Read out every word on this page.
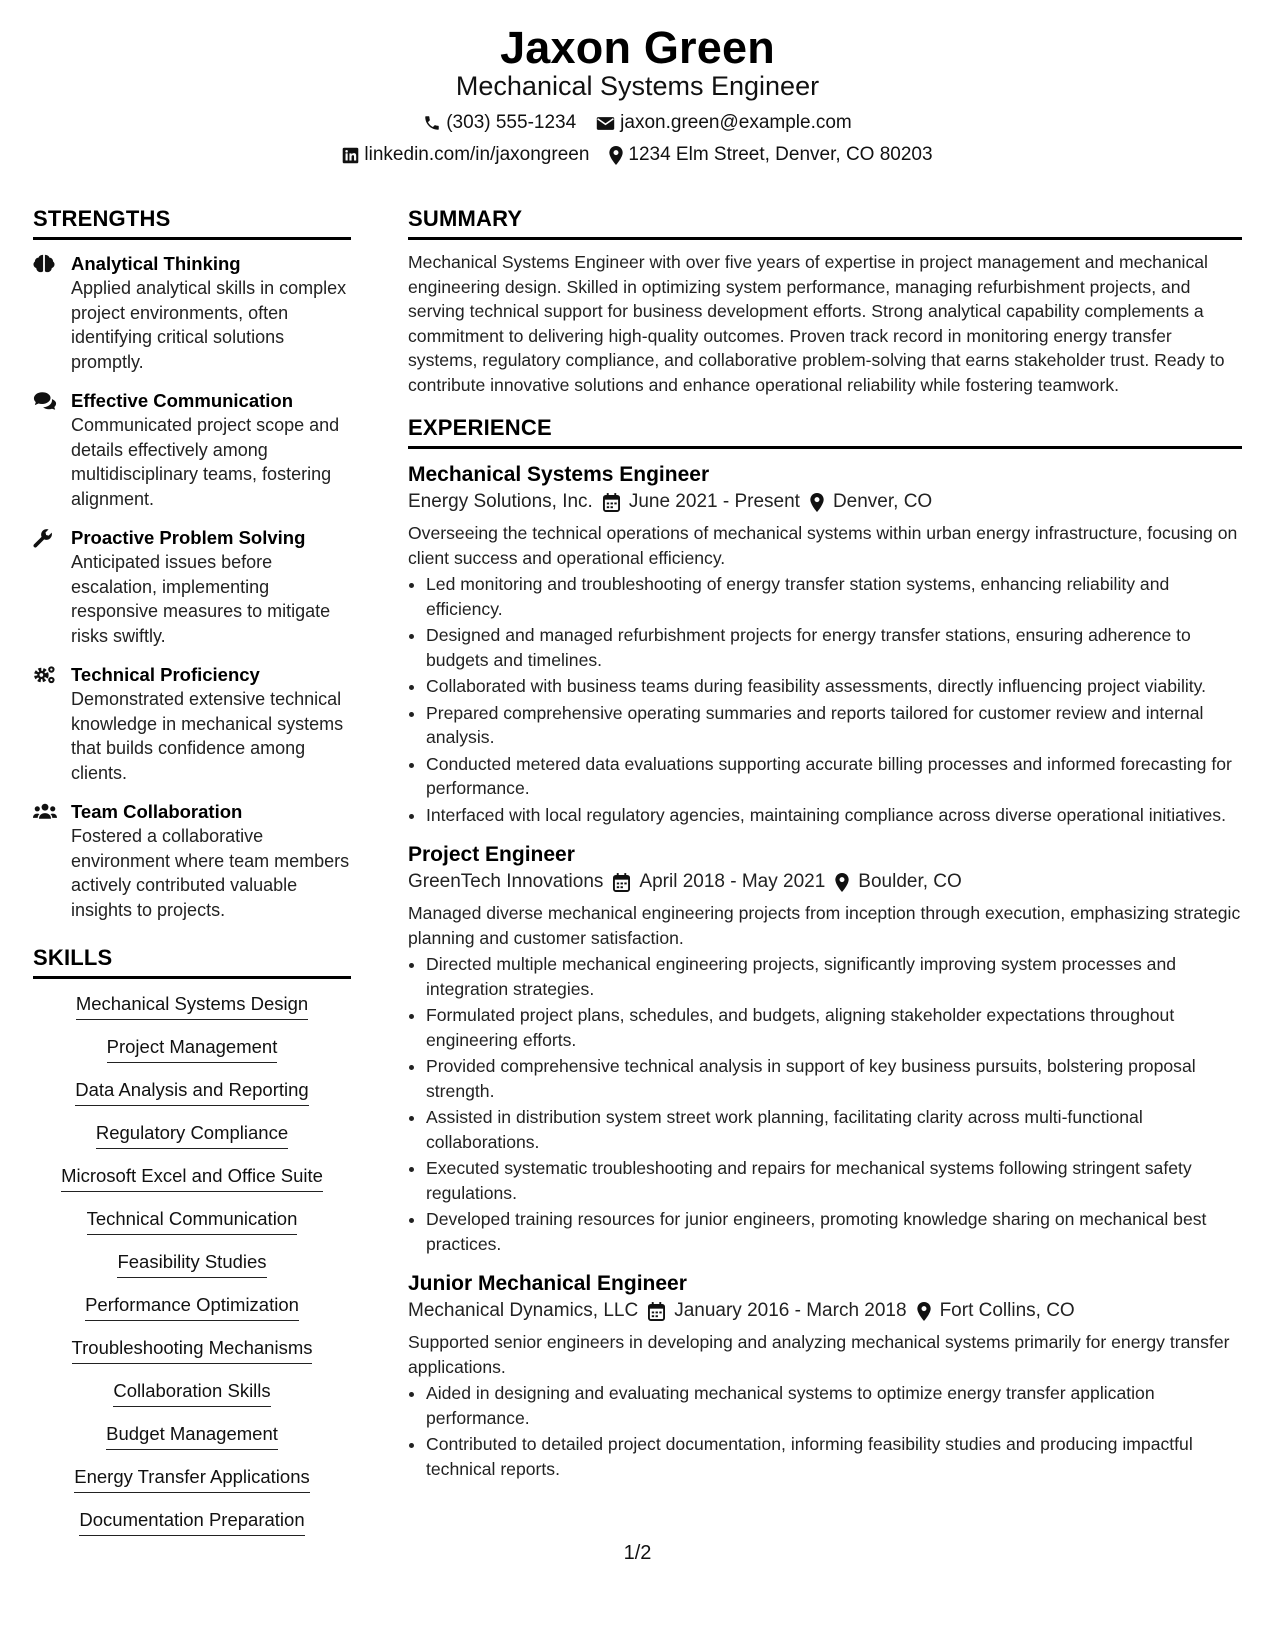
Jaxon Green
Mechanical Systems Engineer
(303) 555-1234 jaxon.green@example.com
linkedin.com/in/jaxongreen 1234 Elm Street, Denver, CO 80203
STRENGTHS
Analytical Thinking
Applied analytical skills in complex project environments, often identifying critical solutions promptly.
Effective Communication
Communicated project scope and details effectively among multidisciplinary teams, fostering alignment.
Proactive Problem Solving
Anticipated issues before escalation, implementing responsive measures to mitigate risks swiftly.
Technical Proficiency
Demonstrated extensive technical knowledge in mechanical systems that builds confidence among clients.
Team Collaboration
Fostered a collaborative environment where team members actively contributed valuable insights to projects.
SKILLS
Mechanical Systems Design
Project Management
Data Analysis and Reporting
Regulatory Compliance
Microsoft Excel and Office Suite
Technical Communication
Feasibility Studies
Performance Optimization
Troubleshooting Mechanisms
Collaboration Skills
Budget Management
Energy Transfer Applications
Documentation Preparation
SUMMARY
Mechanical Systems Engineer with over five years of expertise in project management and mechanical engineering design. Skilled in optimizing system performance, managing refurbishment projects, and serving technical support for business development efforts. Strong analytical capability complements a commitment to delivering high-quality outcomes. Proven track record in monitoring energy transfer systems, regulatory compliance, and collaborative problem-solving that earns stakeholder trust. Ready to contribute innovative solutions and enhance operational reliability while fostering teamwork.
EXPERIENCE
Mechanical Systems Engineer
Energy Solutions, Inc. June 2021 - Present Denver, CO
Overseeing the technical operations of mechanical systems within urban energy infrastructure, focusing on client success and operational efficiency.
• Led monitoring and troubleshooting of energy transfer station systems, enhancing reliability and efficiency.
• Designed and managed refurbishment projects for energy transfer stations, ensuring adherence to budgets and timelines.
• Collaborated with business teams during feasibility assessments, directly influencing project viability.
• Prepared comprehensive operating summaries and reports tailored for customer review and internal analysis.
• Conducted metered data evaluations supporting accurate billing processes and informed forecasting for performance.
• Interfaced with local regulatory agencies, maintaining compliance across diverse operational initiatives.
Project Engineer
GreenTech Innovations April 2018 - May 2021 Boulder, CO
Managed diverse mechanical engineering projects from inception through execution, emphasizing strategic planning and customer satisfaction.
• Directed multiple mechanical engineering projects, significantly improving system processes and integration strategies.
• Formulated project plans, schedules, and budgets, aligning stakeholder expectations throughout engineering efforts.
• Provided comprehensive technical analysis in support of key business pursuits, bolstering proposal strength.
• Assisted in distribution system street work planning, facilitating clarity across multi-functional collaborations.
• Executed systematic troubleshooting and repairs for mechanical systems following stringent safety regulations.
• Developed training resources for junior engineers, promoting knowledge sharing on mechanical best practices.
Junior Mechanical Engineer
Mechanical Dynamics, LLC January 2016 - March 2018 Fort Collins, CO
Supported senior engineers in developing and analyzing mechanical systems primarily for energy transfer applications.
• Aided in designing and evaluating mechanical systems to optimize energy transfer application performance.
• Contributed to detailed project documentation, informing feasibility studies and producing impactful technical reports.
1/2
